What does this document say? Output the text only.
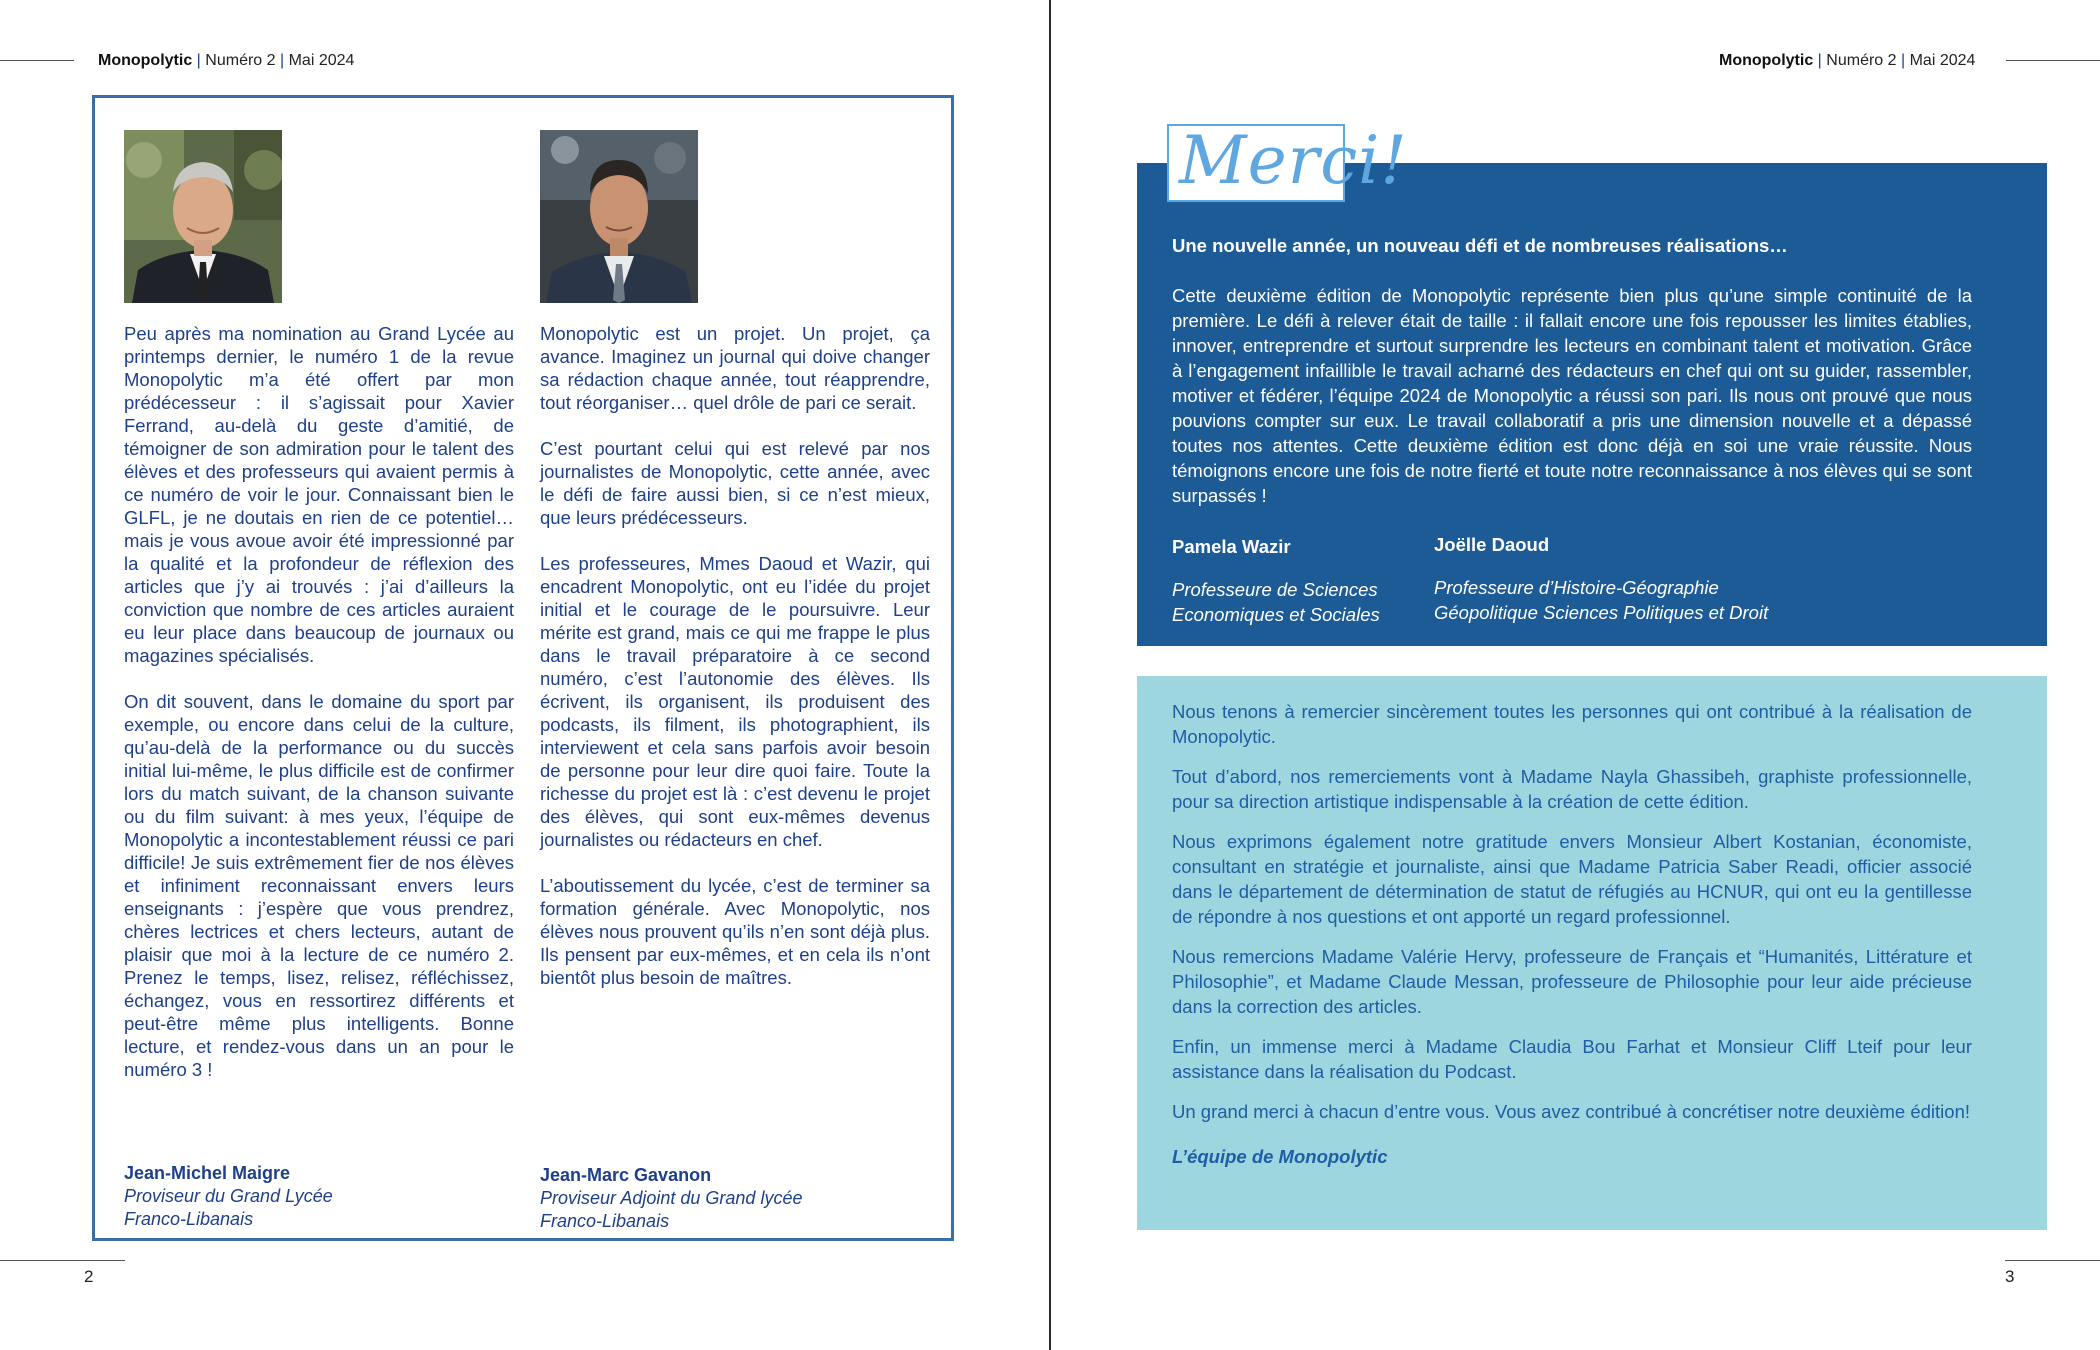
Monopolytic | Numéro 2 | Mai 2024

Peu après ma nomination au Grand Lycée au printemps dernier, le numéro 1 de la revue Monopolytic m’a été offert par mon prédécesseur : il s’agissait pour Xavier Ferrand, au-delà du geste d’amitié, de témoigner de son admiration pour le talent des élèves et des professeurs qui avaient permis à ce numéro de voir le jour. Connaissant bien le GLFL, je ne doutais en rien de ce potentiel…mais je vous avoue avoir été impressionné par la qualité et la profondeur de réflexion des articles que j’y ai trouvés : j’ai d’ailleurs la conviction que nombre de ces articles auraient eu leur place dans beaucoup de journaux ou magazines spécialisés.

On dit souvent, dans le domaine du sport par exemple, ou encore dans celui de la culture, qu’au-delà de la performance ou du succès initial lui-même, le plus difficile est de confirmer lors du match suivant, de la chanson suivante ou du film suivant: à mes yeux, l’équipe de Monopolytic a incontestablement réussi ce pari difficile! Je suis extrêmement fier de nos élèves et infiniment reconnaissant envers leurs enseignants : j’espère que vous prendrez, chères lectrices et chers lecteurs, autant de plaisir que moi à la lecture de ce numéro 2. Prenez le temps, lisez, relisez, réfléchissez, échangez, vous en ressortirez différents et peut-être même plus intelligents. Bonne lecture, et rendez-vous dans un an pour le numéro 3 !

Jean-Michel Maigre
Proviseur du Grand Lycée
Franco-Libanais

Monopolytic est un projet. Un projet, ça avance. Imaginez un journal qui doive changer sa rédaction chaque année, tout réapprendre, tout réorganiser… quel drôle de pari ce serait.

C’est pourtant celui qui est relevé par nos journalistes de Monopolytic, cette année, avec le défi de faire aussi bien, si ce n’est mieux, que leurs prédécesseurs.

Les professeures, Mmes Daoud et Wazir, qui encadrent Monopolytic, ont eu l’idée du projet initial et le courage de le poursuivre. Leur mérite est grand, mais ce qui me frappe le plus dans le travail préparatoire à ce second numéro, c’est l’autonomie des élèves. Ils écrivent, ils organisent, ils produisent des podcasts, ils filment, ils photographient, ils interviewent et cela sans parfois avoir besoin de personne pour leur dire quoi faire. Toute la richesse du projet est là : c’est devenu le projet des élèves, qui sont eux-mêmes devenus journalistes ou rédacteurs en chef.

L’aboutissement du lycée, c’est de terminer sa formation générale. Avec Monopolytic, nos élèves nous prouvent qu’ils n’en sont déjà plus. Ils pensent par eux-mêmes, et en cela ils n’ont bientôt plus besoin de maîtres.

Jean-Marc Gavanon
Proviseur Adjoint du Grand lycée
Franco-Libanais
2
Monopolytic | Numéro 2 | Mai 2024

Une nouvelle année, un nouveau défi et de nombreuses réalisations…

Cette deuxième édition de Monopolytic représente bien plus qu’une simple continuité de la première. Le défi à relever était de taille : il fallait encore une fois repousser les limites établies, innover, entreprendre et surtout surprendre les lecteurs en combinant talent et motivation. Grâce à l’engagement infaillible le travail acharné des rédacteurs en chef qui ont su guider, rassembler, motiver et fédérer, l’équipe 2024 de Monopolytic a réussi son pari. Ils nous ont prouvé que nous pouvions compter sur eux. Le travail collaboratif a pris une dimension nouvelle et a dépassé toutes nos attentes. Cette deuxième édition est donc déjà en soi une vraie réussite. Nous témoignons encore une fois de notre fierté et toute notre reconnaissance à nos élèves qui se sont surpassés !

Pamela Wazir
Professeure de Sciences
Economiques et Sociales
Joëlle Daoud
Professeure d’Histoire-Géographie
Géopolitique Sciences Politiques et Droit
Merci!

Nous tenons à remercier sincèrement toutes les personnes qui ont contribué à la réalisation de Monopolytic.

Tout d’abord, nos remerciements vont à Madame Nayla Ghassibeh, graphiste professionnelle, pour sa direction artistique indispensable à la création de cette édition.

Nous exprimons également notre gratitude envers Monsieur Albert Kostanian, économiste, consultant en stratégie et journaliste, ainsi que Madame Patricia Saber Readi, officier associé dans le département de détermination de statut de réfugiés au HCNUR, qui ont eu la gentillesse de répondre à nos questions et ont apporté un regard professionnel.

Nous remercions Madame Valérie Hervy, professeure de Français et “Humanités, Littérature et Philosophie”, et Madame Claude Messan, professeure de Philosophie pour leur aide précieuse dans la correction des articles.

Enfin, un immense merci à Madame Claudia Bou Farhat et Monsieur Cliff Lteif pour leur assistance dans la réalisation du Podcast.

Un grand merci à chacun d’entre vous. Vous avez contribué à concrétiser notre deuxième édition!

L’équipe de Monopolytic

3
